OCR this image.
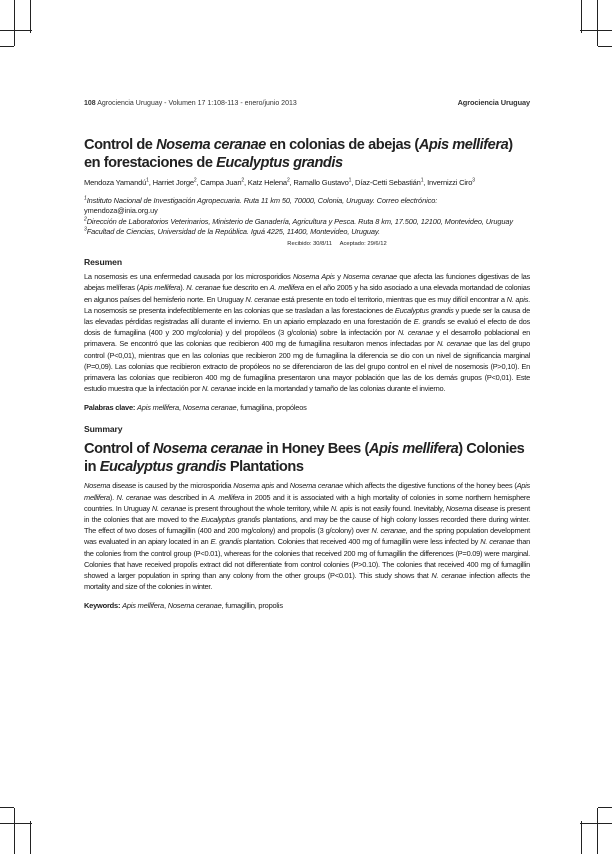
108 Agrociencia Uruguay - Volumen 17 1:108-113 - enero/junio 2013	Agrociencia Uruguay
Control de Nosema ceranae en colonias de abejas (Apis mellifera) en forestaciones de Eucalyptus grandis
Mendoza Yamandú$^1$, Harriet Jorge$^2$, Campa Juan$^2$, Katz Helena$^2$, Ramallo Gustavo$^1$, Díaz-Cetti Sebastián$^1$, Invernizzi Ciro$^3$
$^1$Instituto Nacional de Investigación Agropecuaria. Ruta 11 km 50, 70000, Colonia, Uruguay. Correo electrónico:
ymendoza@inia.org.uy
$^2$Dirección de Laboratorios Veterinarios, Ministerio de Ganadería, Agricultura y Pesca. Ruta 8 km, 17.500, 12100, Montevideo, Uruguay
$^3$Facultad de Ciencias, Universidad de la República. Iguá 4225, 11400, Montevideo, Uruguay.
Recibido: 30/8/11 Aceptado: 29/6/12
Resumen
La nosemosis es una enfermedad causada por los microsporidios Nosema Apis y Nosema ceranae que afecta las funciones digestivas de las abejas melíferas (Apis mellifera). N. ceranae fue descrito en A. mellifera en el año 2005 y ha sido asociado a una elevada mortandad de colonias en algunos países del hemisferio norte. En Uruguay N. ceranae está presente en todo el territorio, mientras que es muy difícil encontrar a N. apis. La nosemosis se presenta indefectiblemente en las colonias que se trasladan a las forestaciones de Eucalyptus grandis y puede ser la causa de las elevadas pérdidas registradas allí durante el invierno. En un apiario emplazado en una forestación de E. grandis se evaluó el efecto de dos dosis de fumagilina (400 y 200 mg/colonia) y del propóleos (3 g/colonia) sobre la infectación por N. ceranae y el desarrollo poblacional en primavera. Se encontró que las colonias que recibieron 400 mg de fumagilina resultaron menos infectadas por N. ceranae que las del grupo control (P<0,01), mientras que en las colonias que recibieron 200 mg de fumagilina la diferencia se dio con un nivel de significancia marginal (P=0,09). Las colonias que recibieron extracto de propóleos no se diferenciaron de las del grupo control en el nivel de nosemosis (P>0,10). En primavera las colonias que recibieron 400 mg de fumagilina presentaron una mayor población que las de los demás grupos (P<0,01). Este estudio muestra que la infectación por N. ceranae incide en la mortandad y tamaño de las colonias durante el invierno.
Palabras clave: Apis mellifera, Nosema ceranae, fumagilina, propóleos
Summary
Control of Nosema ceranae in Honey Bees (Apis mellifera) Colonies in Eucalyptus grandis Plantations
Nosema disease is caused by the microsporidia Nosema apis and Nosema ceranae which affects the digestive functions of the honey bees (Apis mellifera). N. ceranae was described in A. mellifera in 2005 and it is associated with a high mortality of colonies in some northern hemisphere countries. In Uruguay N. ceranae is present throughout the whole territory, while N. apis is not easily found. Inevitably, Nosema disease is present in the colonies that are moved to the Eucalyptus grandis plantations, and may be the cause of high colony losses recorded there during winter. The effect of two doses of fumagillin (400 and 200 mg/colony) and propolis (3 g/colony) over N. ceranae, and the spring population development was evaluated in an apiary located in an E. grandis plantation. Colonies that received 400 mg of fumagillin were less infected by N. ceranae than the colonies from the control group (P<0.01), whereas for the colonies that received 200 mg of fumagillin the differences (P=0.09) were marginal. Colonies that have received propolis extract did not differentiate from control colonies (P>0.10). The colonies that received 400 mg of fumagillin showed a larger population in spring than any colony from the other groups (P<0.01). This study shows that N. ceranae infection affects the mortality and size of the colonies in winter.
Keywords: Apis mellifera, Nosema ceranae, fumagillin, propolis
